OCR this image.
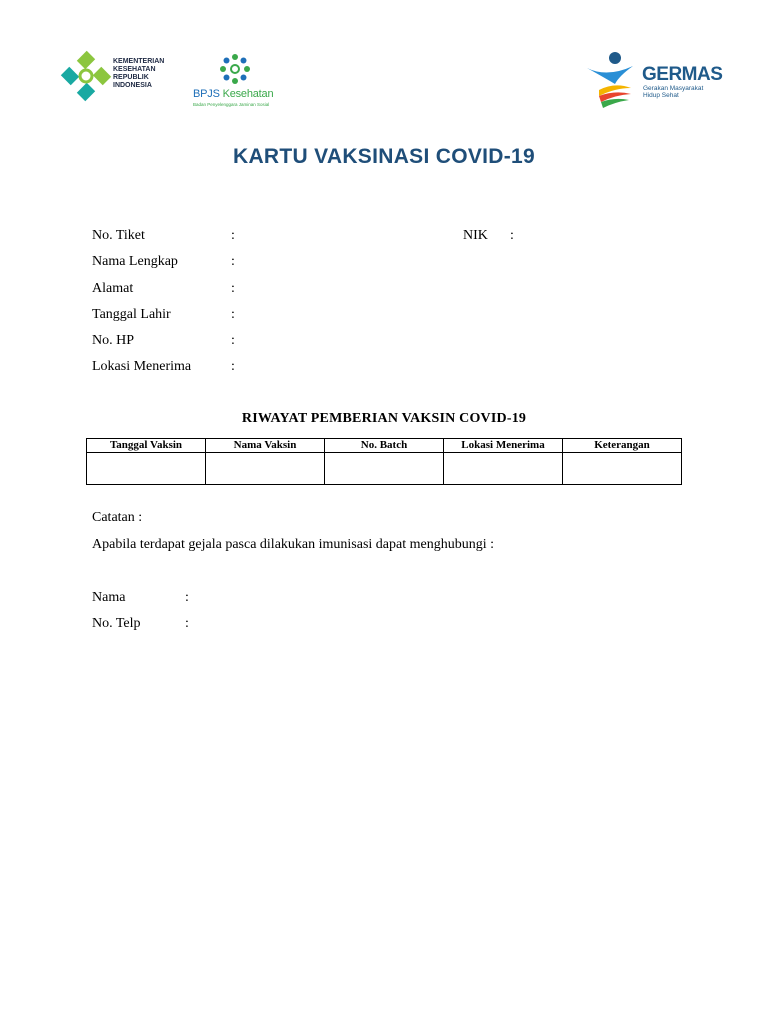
KEMENTERIAN
KESEHATAN
REPUBLIK
INDONESIA
BPJS Kesehatan
Badan Penyelenggara Jaminan Sosial
GERMAS
Gerakan Masyarakat
Hidup Sehat
KARTU VAKSINASI COVID-19
No. Tiket	:	NIK :
Nama Lengkap	:
Alamat	:
Tanggal Lahir	:
No. HP	:
Lokasi Menerima	:
RIWAYAT PEMBERIAN VAKSIN COVID-19
Tanggal Vaksin	Nama Vaksin	No. Batch	Lokasi Menerima	Keterangan

Catatan :
Apabila terdapat gejala pasca dilakukan imunisasi dapat menghubungi :
Nama	:
No. Telp	:
